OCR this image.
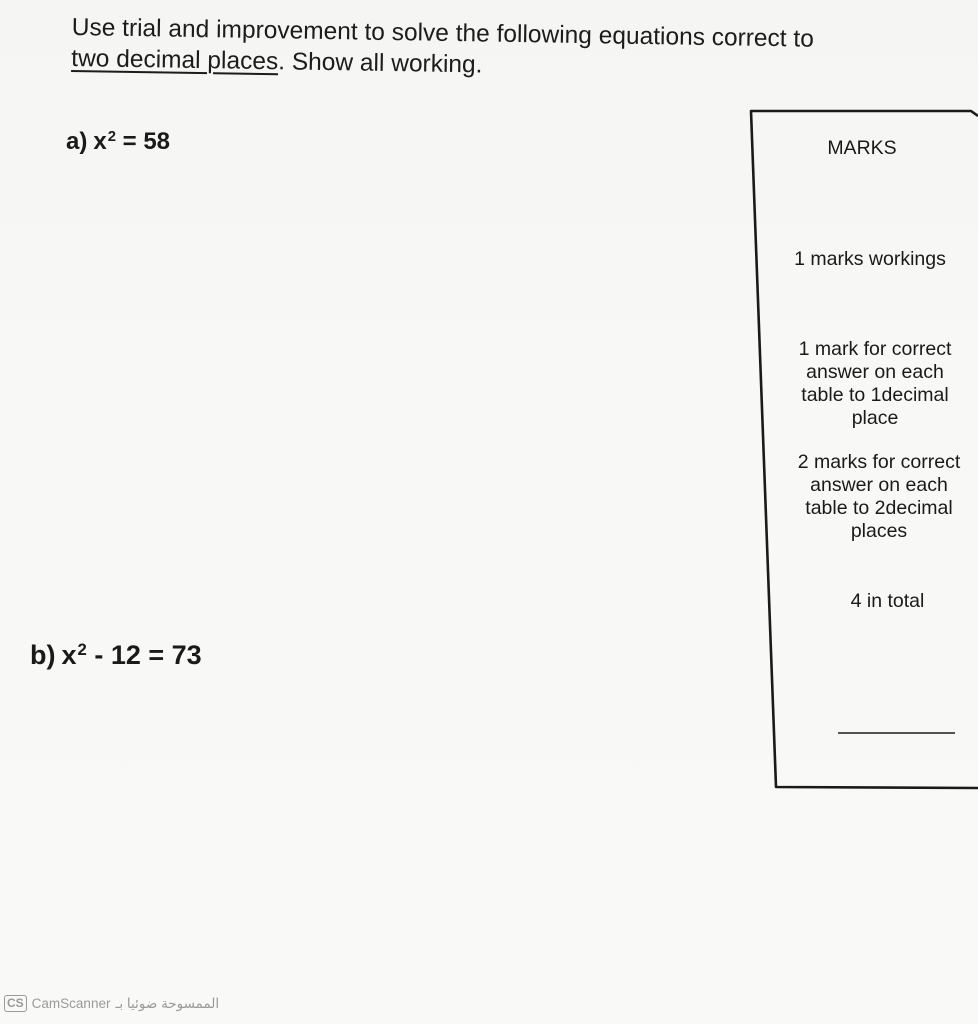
Use trial and improvement to solve the following equations correct to
two decimal places. Show all working.
a) $x^2 = 58$
b) $x^2 - 12 = 73$
MARKS
1 marks workings
1 mark for correct
answer on each
table to 1decimal
place
2 marks for correct
answer on each
table to 2decimal
places
4 in total
CS CamScanner الممسوحة ضوئيا بـ
